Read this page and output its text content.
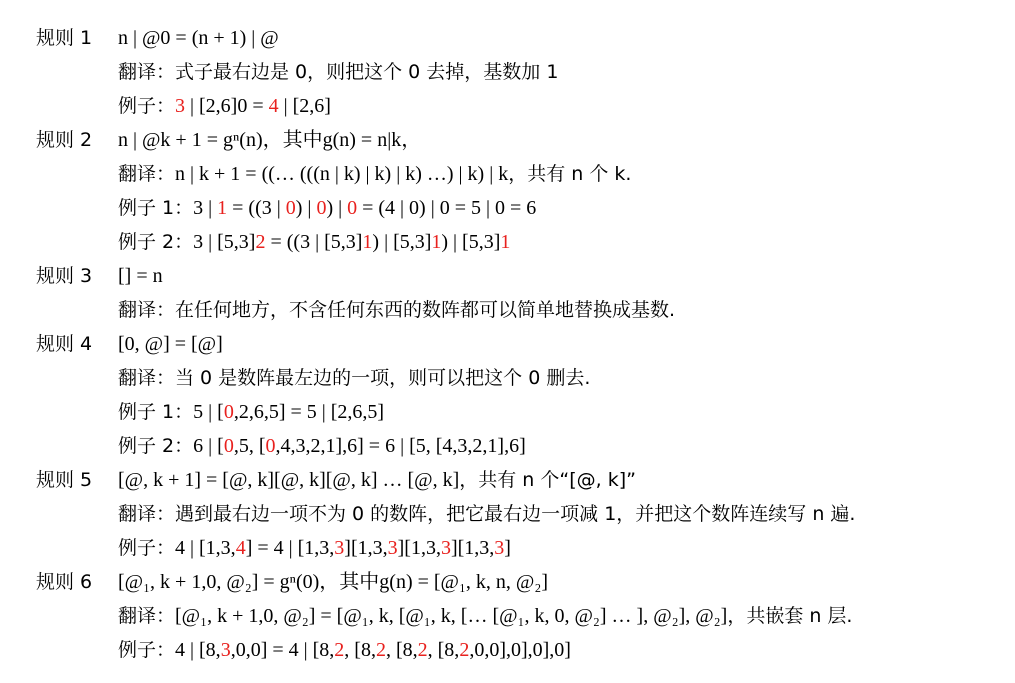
规则 1 n | @0 = (n + 1) | @
翻译：式子最右边是 0，则把这个 0 去掉，基数加 1
例子：3 | [2,6]0 = 4 | [2,6]
规则 2 n | @k + 1 = gⁿ(n)，其中g(n) = n|k，
翻译：n | k + 1 = ((… (((n | k) | k) | k) …) | k) | k，共有 n 个 k.
例子 1：3 | 1 = ((3 | 0) | 0) | 0 = (4 | 0) | 0 = 5 | 0 = 6
例子 2：3 | [5,3]2 = ((3 | [5,3]1) | [5,3]1) | [5,3]1
规则 3 [] = n
翻译：在任何地方，不含任何东西的数阵都可以简单地替换成基数.
规则 4 [0, @] = [@]
翻译：当 0 是数阵最左边的一项，则可以把这个 0 删去.
例子 1：5 | [0,2,6,5] = 5 | [2,6,5]
例子 2：6 | [0,5, [0,4,3,2,1],6] = 6 | [5, [4,3,2,1],6]
规则 5 [@, k + 1] = [@, k][@, k][@, k] … [@, k]，共有 n 个“[@, k]”
翻译：遇到最右边一项不为 0 的数阵，把它最右边一项减 1，并把这个数阵连续写 n 遍.
例子：4 | [1,3,4] = 4 | [1,3,3][1,3,3][1,3,3][1,3,3]
规则 6 [@₁, k + 1,0, @₂] = gⁿ(0)，其中g(n) = [@₁, k, n, @₂]
翻译：[@₁, k + 1,0, @₂] = [@₁, k, [@₁, k, [… [@₁, k, 0, @₂] … ], @₂], @₂]，共嵌套 n 层.
例子：4 | [8,3,0,0] = 4 | [8,2, [8,2, [8,2, [8,2,0,0],0],0],0]
